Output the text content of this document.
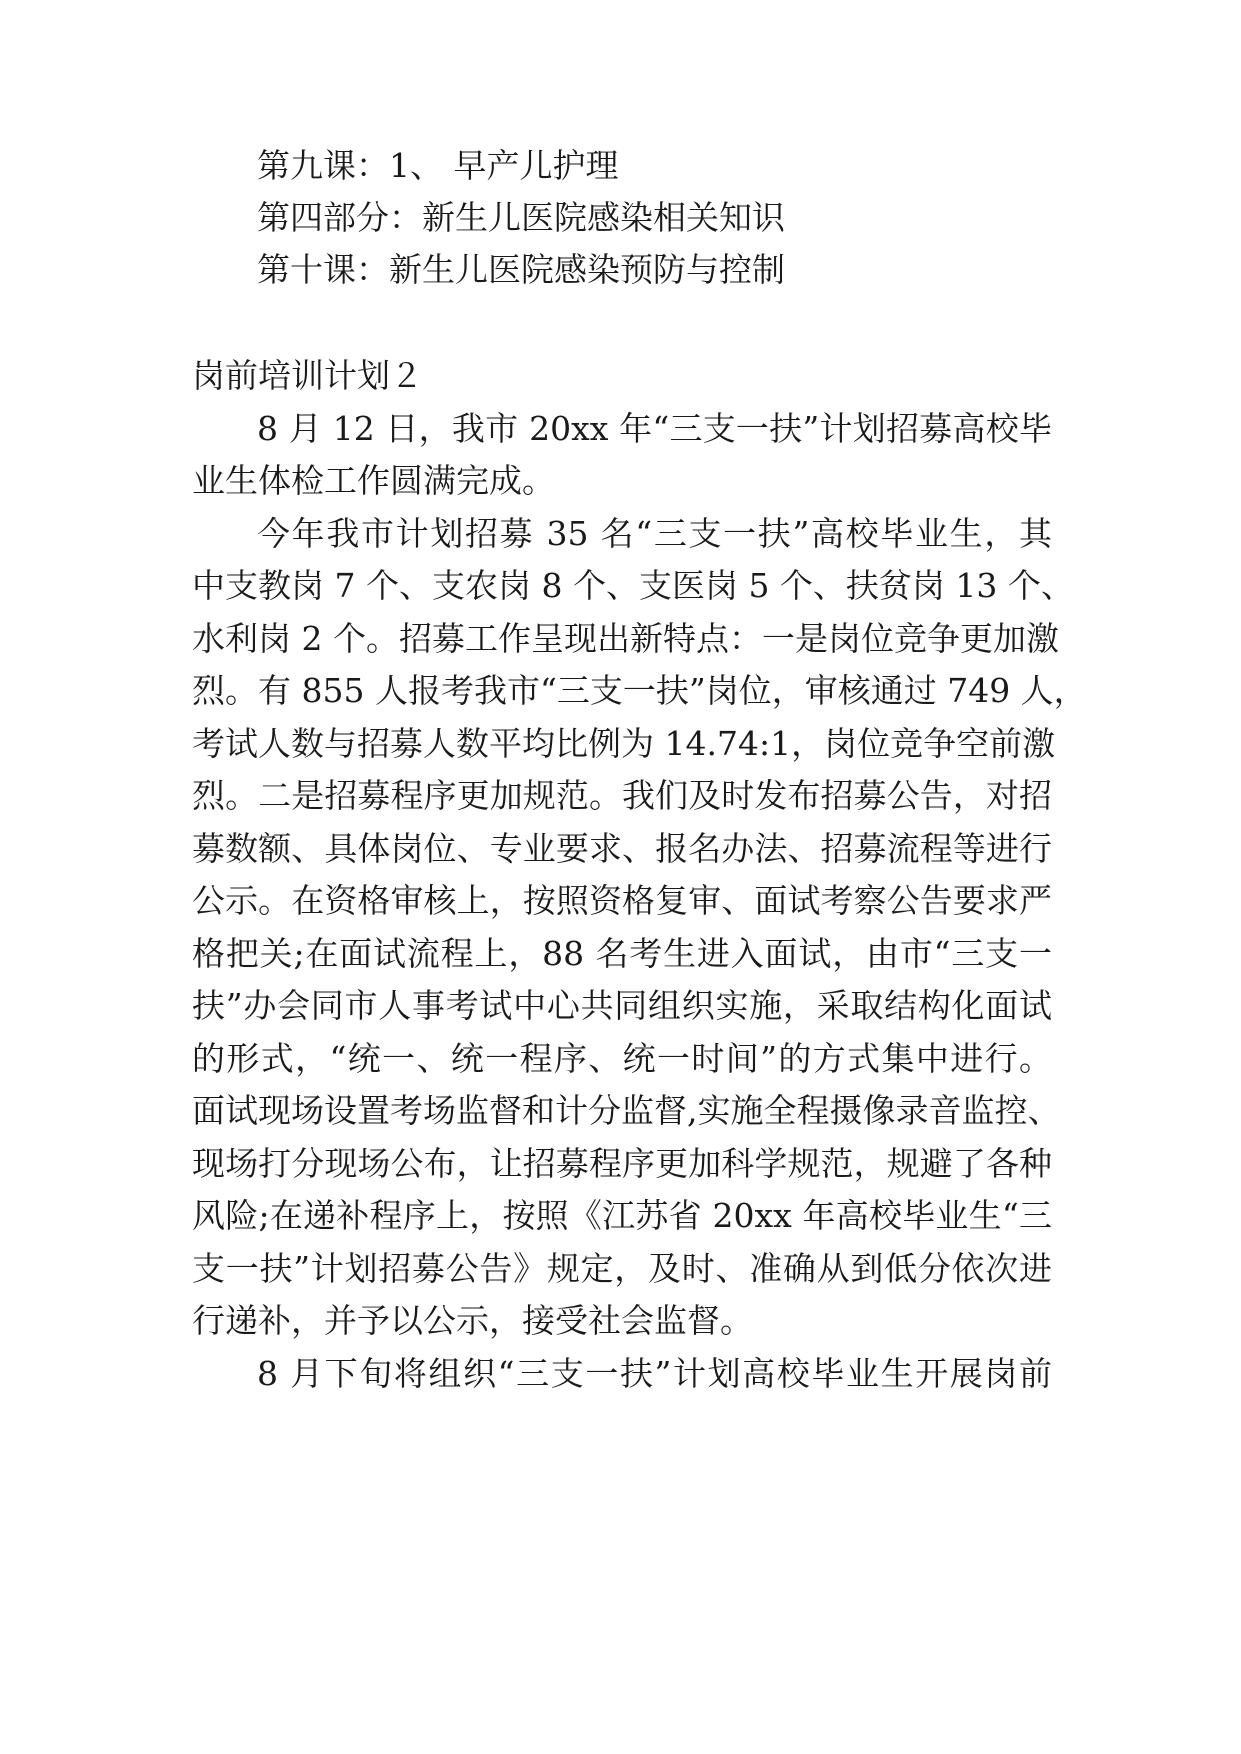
第九课：1、 早产儿护理
第四部分：新生儿医院感染相关知识
第十课：新生儿医院感染预防与控制
岗前培训计划２
8 月 12 日，我市 20xx 年“三支一扶”计划招募高校毕
业生体检工作圆满完成。
今年我市计划招募 35 名“三支一扶”高校毕业生，其
中支教岗 7 个、支农岗 8 个、支医岗 5 个、扶贫岗 13 个、
水利岗 2 个。招募工作呈现出新特点：一是岗位竞争更加激
烈。有 855 人报考我市“三支一扶”岗位，审核通过 749 人，
考试人数与招募人数平均比例为 14.74:1，岗位竞争空前激
烈。二是招募程序更加规范。我们及时发布招募公告，对招
募数额、具体岗位、专业要求、报名办法、招募流程等进行
公示。在资格审核上，按照资格复审、面试考察公告要求严
格把关;在面试流程上，88 名考生进入面试，由市“三支一
扶”办会同市人事考试中心共同组织实施，采取结构化面试
的形式，“统一、统一程序、统一时间”的方式集中进行。
面试现场设置考场监督和计分监督,实施全程摄像录音监控、
现场打分现场公布，让招募程序更加科学规范，规避了各种
风险;在递补程序上，按照《江苏省 20xx 年高校毕业生“三
支一扶”计划招募公告》规定，及时、准确从到低分依次进
行递补，并予以公示，接受社会监督。
8 月下旬将组织“三支一扶”计划高校毕业生开展岗前
